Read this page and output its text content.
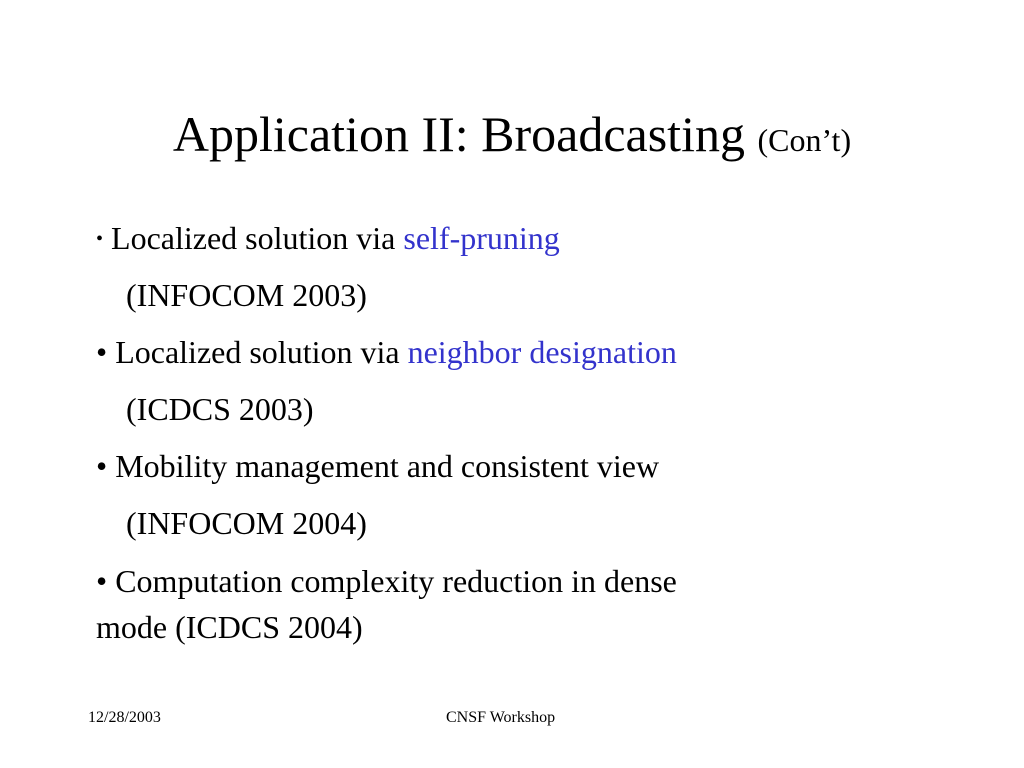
Application II: Broadcasting (Con’t)
• Localized solution via self-pruning
(INFOCOM 2003)
• Localized solution via neighbor designation
(ICDCS 2003)
• Mobility management and consistent view
(INFOCOM 2004)
• Computation complexity reduction in dense
mode (ICDCS 2004)
12/28/2003	CNSF Workshop
